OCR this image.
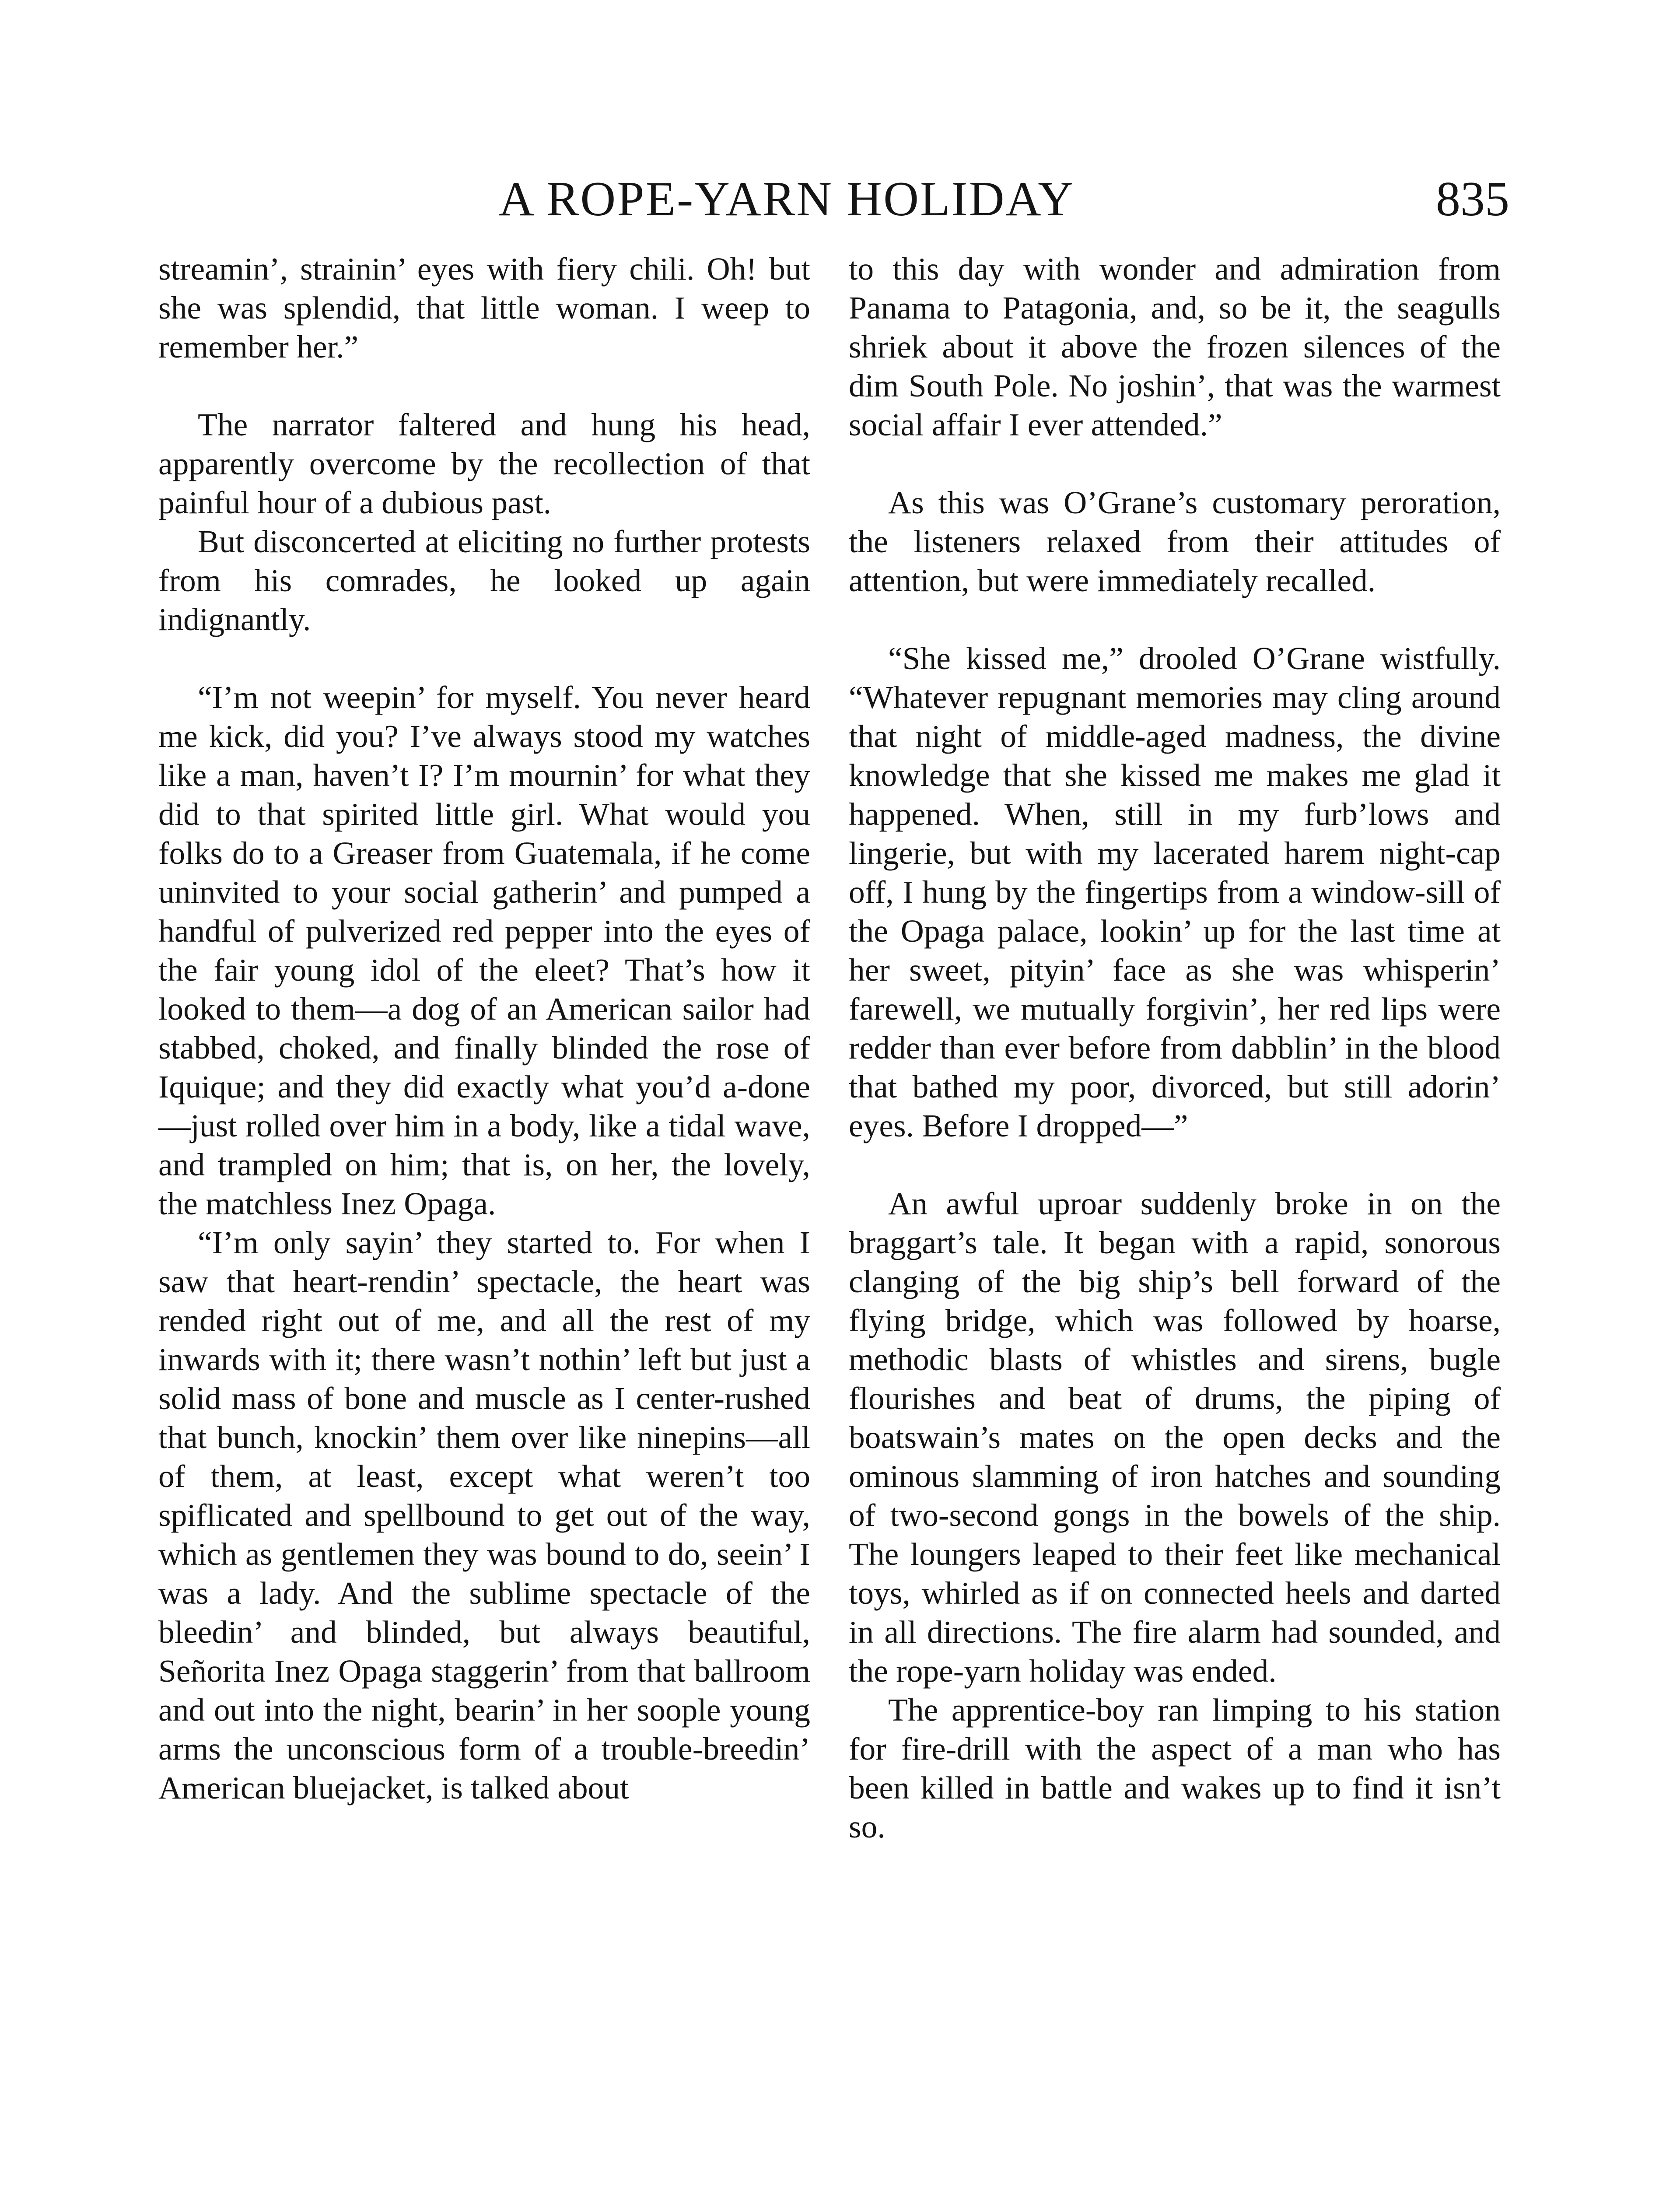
A ROPE-YARN HOLIDAY	835

streamin’, strainin’ eyes with fiery chili. Oh! but she was splendid, that little woman. I weep to remember her.”

The narrator faltered and hung his head, apparently overcome by the recollection of that painful hour of a dubious past.

But disconcerted at eliciting no further protests from his comrades, he looked up again indignantly.

“I’m not weepin’ for myself. You never heard me kick, did you? I’ve always stood my watches like a man, haven’t I? I’m mournin’ for what they did to that spirited little girl. What would you folks do to a Greaser from Guatemala, if he come uninvited to your social gatherin’ and pumped a handful of pulverized red pepper into the eyes of the fair young idol of the eleet? That’s how it looked to them—a dog of an American sailor had stabbed, choked, and finally blinded the rose of Iquique; and they did exactly what you’d a-done—just rolled over him in a body, like a tidal wave, and trampled on him; that is, on her, the lovely, the matchless Inez Opaga.

“I’m only sayin’ they started to. For when I saw that heart-rendin’ spectacle, the heart was rended right out of me, and all the rest of my inwards with it; there wasn’t nothin’ left but just a solid mass of bone and muscle as I center-rushed that bunch, knockin’ them over like ninepins—all of them, at least, except what weren’t too spiflicated and spellbound to get out of the way, which as gentlemen they was bound to do, seein’ I was a lady. And the sublime spectacle of the bleedin’ and blinded, but always beautiful, Señorita Inez Opaga staggerin’ from that ballroom and out into the night, bearin’ in her soople young arms the unconscious form of a trouble-breedin’ American bluejacket, is talked about

to this day with wonder and admiration from Panama to Patagonia, and, so be it, the seagulls shriek about it above the frozen silences of the dim South Pole. No joshin’, that was the warmest social affair I ever attended.”

As this was O’Grane’s customary peroration, the listeners relaxed from their attitudes of attention, but were immediately recalled.

“She kissed me,” drooled O’Grane wistfully. “Whatever repugnant memories may cling around that night of middle-aged madness, the divine knowledge that she kissed me makes me glad it happened. When, still in my furb’lows and lingerie, but with my lacerated harem night-cap off, I hung by the fingertips from a window-sill of the Opaga palace, lookin’ up for the last time at her sweet, pityin’ face as she was whisperin’ farewell, we mutually forgivin’, her red lips were redder than ever before from dabblin’ in the blood that bathed my poor, divorced, but still adorin’ eyes. Before I dropped—”

An awful uproar suddenly broke in on the braggart’s tale. It began with a rapid, sonorous clanging of the big ship’s bell forward of the flying bridge, which was followed by hoarse, methodic blasts of whistles and sirens, bugle flourishes and beat of drums, the piping of boatswain’s mates on the open decks and the ominous slamming of iron hatches and sounding of two-second gongs in the bowels of the ship. The loungers leaped to their feet like mechanical toys, whirled as if on connected heels and darted in all directions. The fire alarm had sounded, and the rope-yarn holiday was ended.

The apprentice-boy ran limping to his station for fire-drill with the aspect of a man who has been killed in battle and wakes up to find it isn’t so.
